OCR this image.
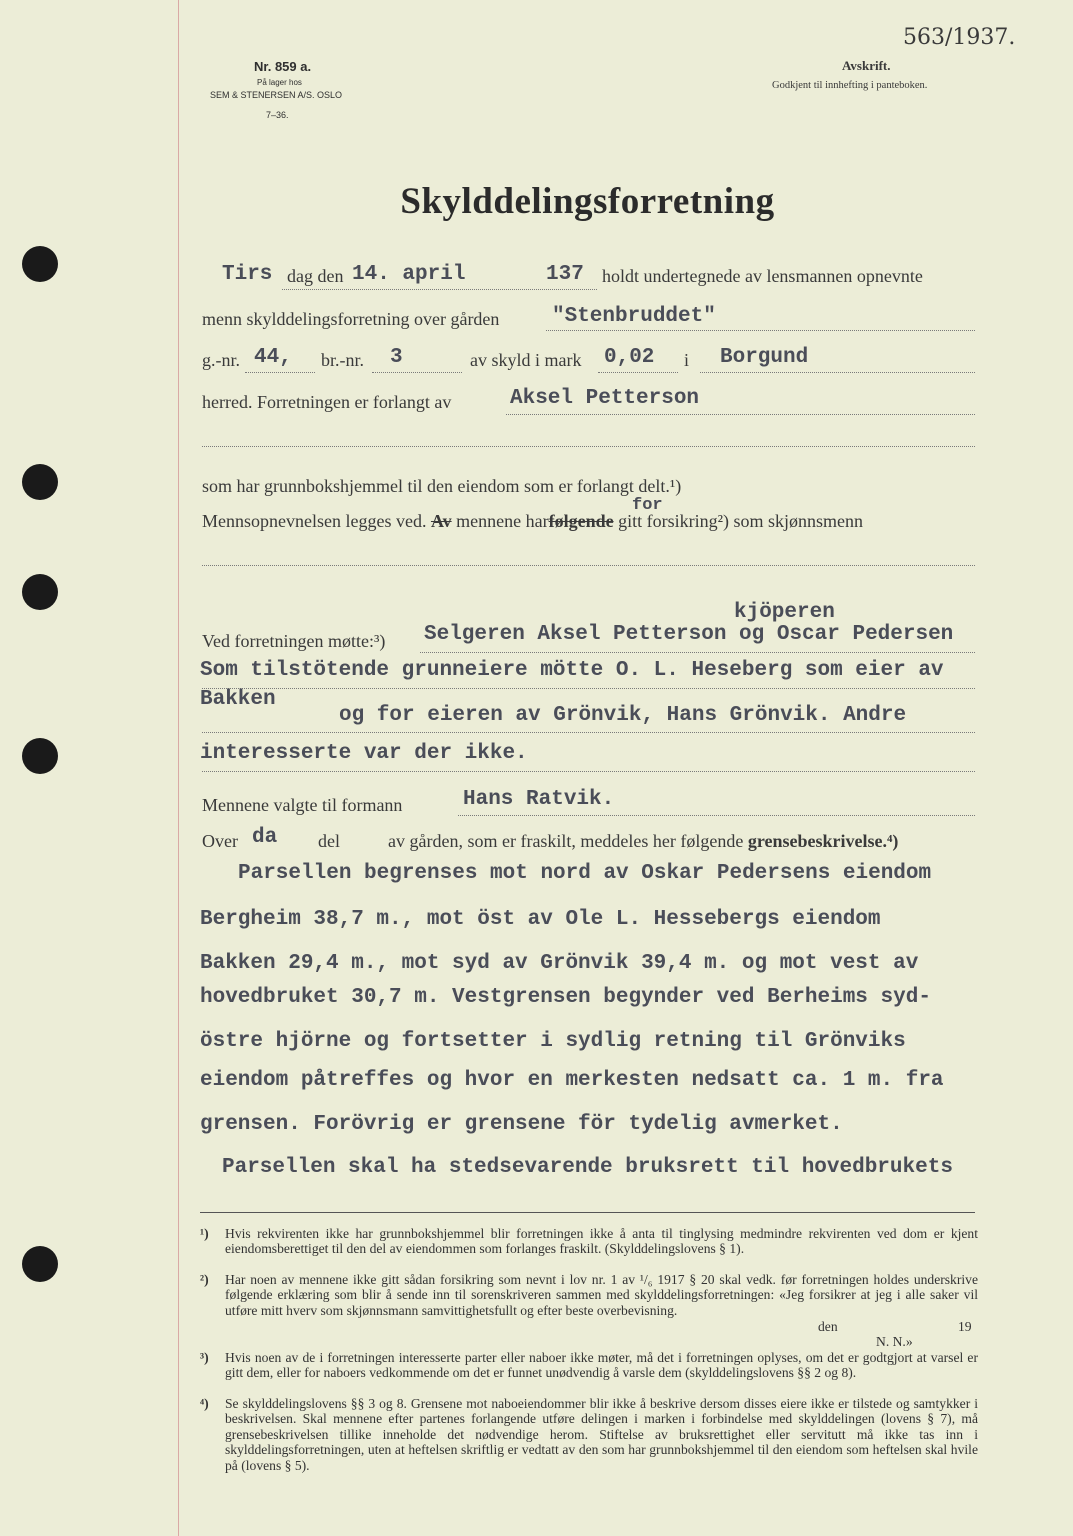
563/1937.
Nr. 859 a.
På lager hos
SEM & STENERSEN A/S. OSLO
7–36.
Avskrift.
Godkjent til innhefting i panteboken.
Skylddelingsforretning
Tirs dag den 14. april	137 holdt undertegnede av lensmannen opnevnte
menn skylddelingsforretning over gården	"Stenbruddet"
g.-nr. 44, br.-nr. 3	av skyld i mark 0,02 i Borgund
herred. Forretningen er forlangt av	Aksel Petterson
som har grunnbokshjemmel til den eiendom som er forlangt delt.¹)
for
Mennsopnevnelsen legges ved. Av mennene harfølgende gitt forsikring²) som skjønnsmenn
kjöperen
Ved forretningen møtte:³) Selgeren Aksel Petterson og Oscar Pedersen
Som tilstötende grunneiere mötte O. L. Heseberg som eier av
Bakken
og for eieren av Grönvik, Hans Grönvik. Andre
interesserte var der ikke.
Mennene valgte til formann	Hans Ratvik.
Over da del	av gården, som er fraskilt, meddeles her følgende grensebeskrivelse.⁴)
Parsellen begrenses mot nord av Oskar Pedersens eiendom
Bergheim 38,7 m., mot öst av Ole L. Hessebergs eiendom
Bakken 29,4 m., mot syd av Grönvik 39,4 m. og mot vest av
hovedbruket 30,7 m. Vestgrensen begynder ved Berheims syd-
östre hjörne og fortsetter i sydlig retning til Grönviks
eiendom påtreffes og hvor en merkesten nedsatt ca. 1 m. fra
grensen. Forövrig er grensene för tydelig avmerket.
Parsellen skal ha stedsevarende bruksrett til hovedbrukets
¹) Hvis rekvirenten ikke har grunnbokshjemmel blir forretningen ikke å anta til tinglysing medmindre rekvirenten ved dom er kjent eiendomsberettiget til den del av eiendommen som forlanges fraskilt. (Skylddelingslovens § 1).

²) Har noen av mennene ikke gitt sådan forsikring som nevnt i lov nr. 1 av ¹/₆ 1917 § 20 skal vedk. før forretningen holdes underskrive følgende erklæring som blir å sende inn til sorenskriveren sammen med skylddelingsforretningen: «Jeg forsikrer at jeg i alle saker vil utføre mitt hverv som skjønnsmann samvittighetsfullt og efter beste overbevisning.

den	19
N. N.»
³) Hvis noen av de i forretningen interesserte parter eller naboer ikke møter, må det i forretningen oplyses, om det er godtgjort at varsel er gitt dem, eller for naboers vedkommende om det er funnet unødvendig å varsle dem (skylddelingslovens §§ 2 og 8).

⁴) Se skylddelingslovens §§ 3 og 8. Grensene mot naboeiendommer blir ikke å beskrive dersom disses eiere ikke er tilstede og samtykker i beskrivelsen. Skal mennene efter partenes forlangende utføre delingen i marken i forbindelse med skylddelingen (lovens § 7), må grensebeskrivelsen tillike inneholde det nødvendige herom. Stiftelse av bruksrettighet eller servitutt må ikke tas inn i skylddelingsforretningen, uten at heftelsen skriftlig er vedtatt av den som har grunnbokshjemmel til den eiendom som heftelsen skal hvile på (lovens § 5).
